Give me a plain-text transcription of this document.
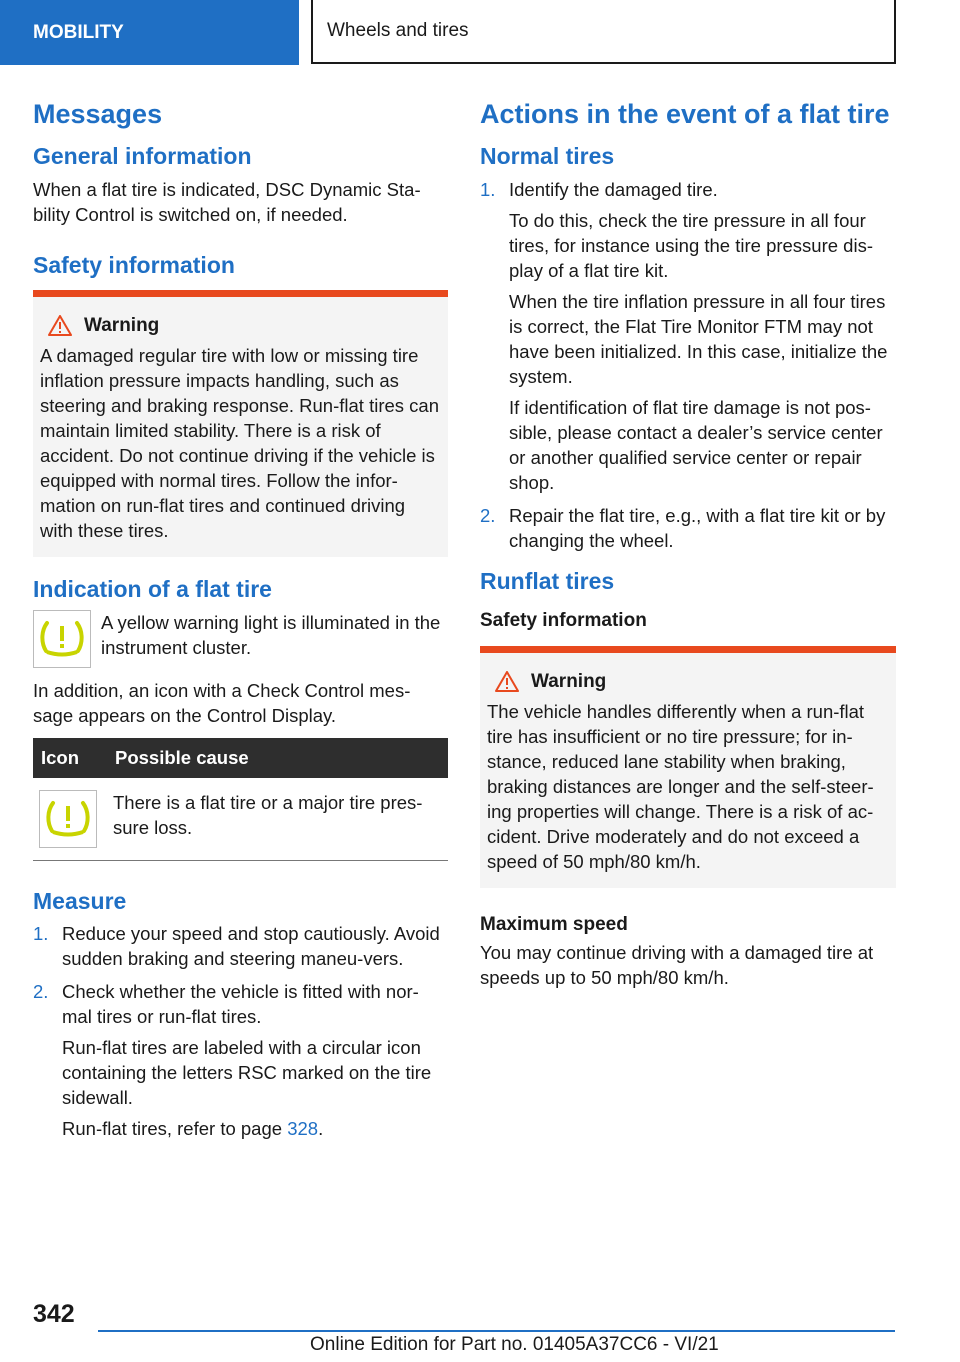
MOBILITY	Wheels and tires
Messages
General information

When a flat tire is indicated, DSC Dynamic Sta-bility Control is switched on, if needed.

Safety information
Warning

A damaged regular tire with low or missing tire inflation pressure impacts handling, such as steering and braking response. Run-flat tires can maintain limited stability. There is a risk of accident. Do not continue driving if the vehicle is equipped with normal tires. Follow the infor-mation on run-flat tires and continued driving with these tires.

Indication of a flat tire

A yellow warning light is illuminated in the instrument cluster.

In addition, an icon with a Check Control mes-sage appears on the Control Display.

Icon	Possible cause

	There is a flat tire or a major tire pres-sure loss.
Measure
1. Reduce your speed and stop cautiously. Avoid sudden braking and steering maneu-vers.

2. Check whether the vehicle is fitted with nor-mal tires or run-flat tires.

Run-flat tires are labeled with a circular icon containing the letters RSC marked on the tire sidewall.

Run-flat tires, refer to page 328.

Actions in the event of a flat tire
Normal tires
1. Identify the damaged tire.

To do this, check the tire pressure in all four tires, for instance using the tire pressure dis-play of a flat tire kit.

When the tire inflation pressure in all four tires is correct, the Flat Tire Monitor FTM may not have been initialized. In this case, initialize the system.

If identification of flat tire damage is not pos-sible, please contact a dealer’s service center or another qualified service center or repair shop.

2. Repair the flat tire, e.g., with a flat tire kit or by changing the wheel.

Runflat tires
Safety information
Warning

The vehicle handles differently when a run-flat tire has insufficient or no tire pressure; for in-stance, reduced lane stability when braking, braking distances are longer and the self-steer-ing properties will change. There is a risk of ac-cident. Drive moderately and do not exceed a speed of 50 mph/80 km/h.

Maximum speed

You may continue driving with a damaged tire at speeds up to 50 mph/80 km/h.

342
Online Edition for Part no. 01405A37CC6 - VI/21
